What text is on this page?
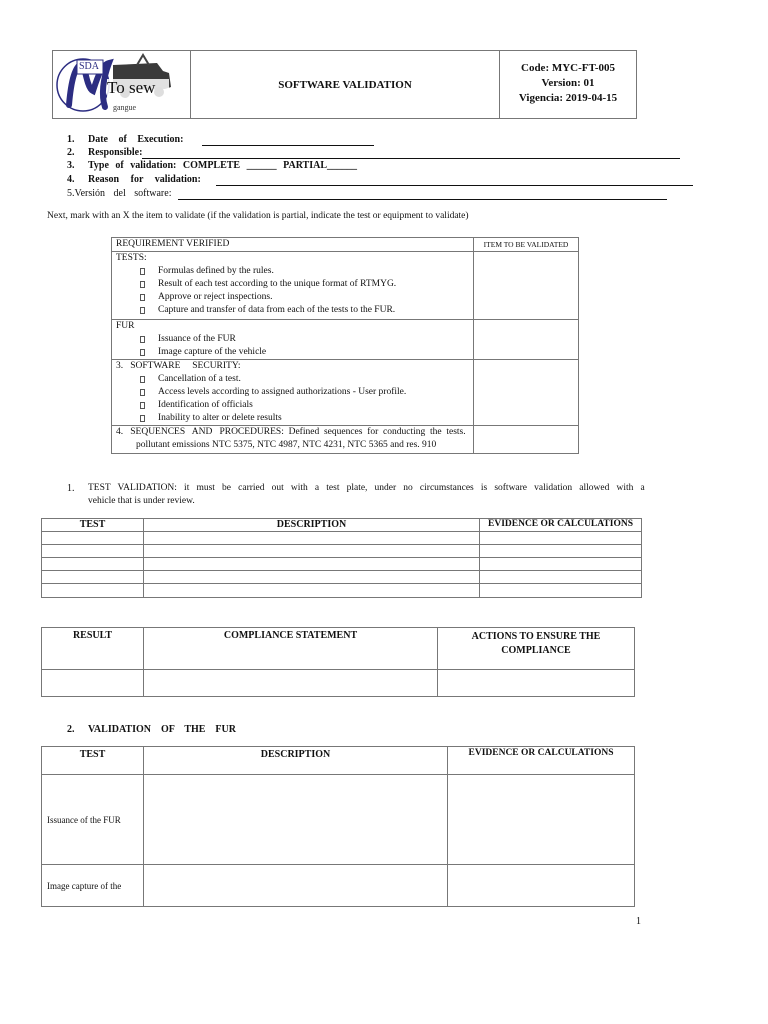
SDA
To sew
gangue
SOFTWARE VALIDATION
Code: MYC-FT-005
Version: 01
Vigencia: 2019-04-15
1. Date of Execution:
2. Responsible:
3. Type of validation: COMPLETE ______ PARTIAL______
4. Reason for validation:
5.Versión del software:
Next, mark with an X the item to validate (if the validation is partial, indicate the test or equipment to validate)
REQUIREMENT VERIFIED	ITEM TO BE VALIDATED

TESTS:
Formulas defined by the rules.
Result of each test according to the unique format of RTMYG.
Approve or reject inspections.
Capture and transfer of data from each of the tests to the FUR.	

FUR
Issuance of the FUR
Image capture of the vehicle	

3.   SOFTWARE     SECURITY:
Cancellation of a test.
Access levels according to assigned authorizations - User profile.
Identification of officials
Inability to alter or delete results	

4.   SEQUENCES   AND   PROCEDURES:  Defined  sequences  for  conducting  the  tests.
pollutant emissions NTC 5375, NTC 4987, NTC 4231, NTC 5365 and res. 910	

1. TEST   VALIDATION:   it   must   be   carried   out   with   a   test   plate,   under   no   circumstances   is   software   validation   allowed   with   a
vehicle that is under review.
TEST	DESCRIPTION	EVIDENCE OR CALCULATIONS

RESULT	COMPLIANCE STATEMENT	ACTIONS TO ENSURE THE
COMPLIANCE

2. VALIDATION    OF    THE    FUR
TEST	DESCRIPTION	EVIDENCE OR CALCULATIONS
Issuance of the FUR		
Image capture of the		
1
